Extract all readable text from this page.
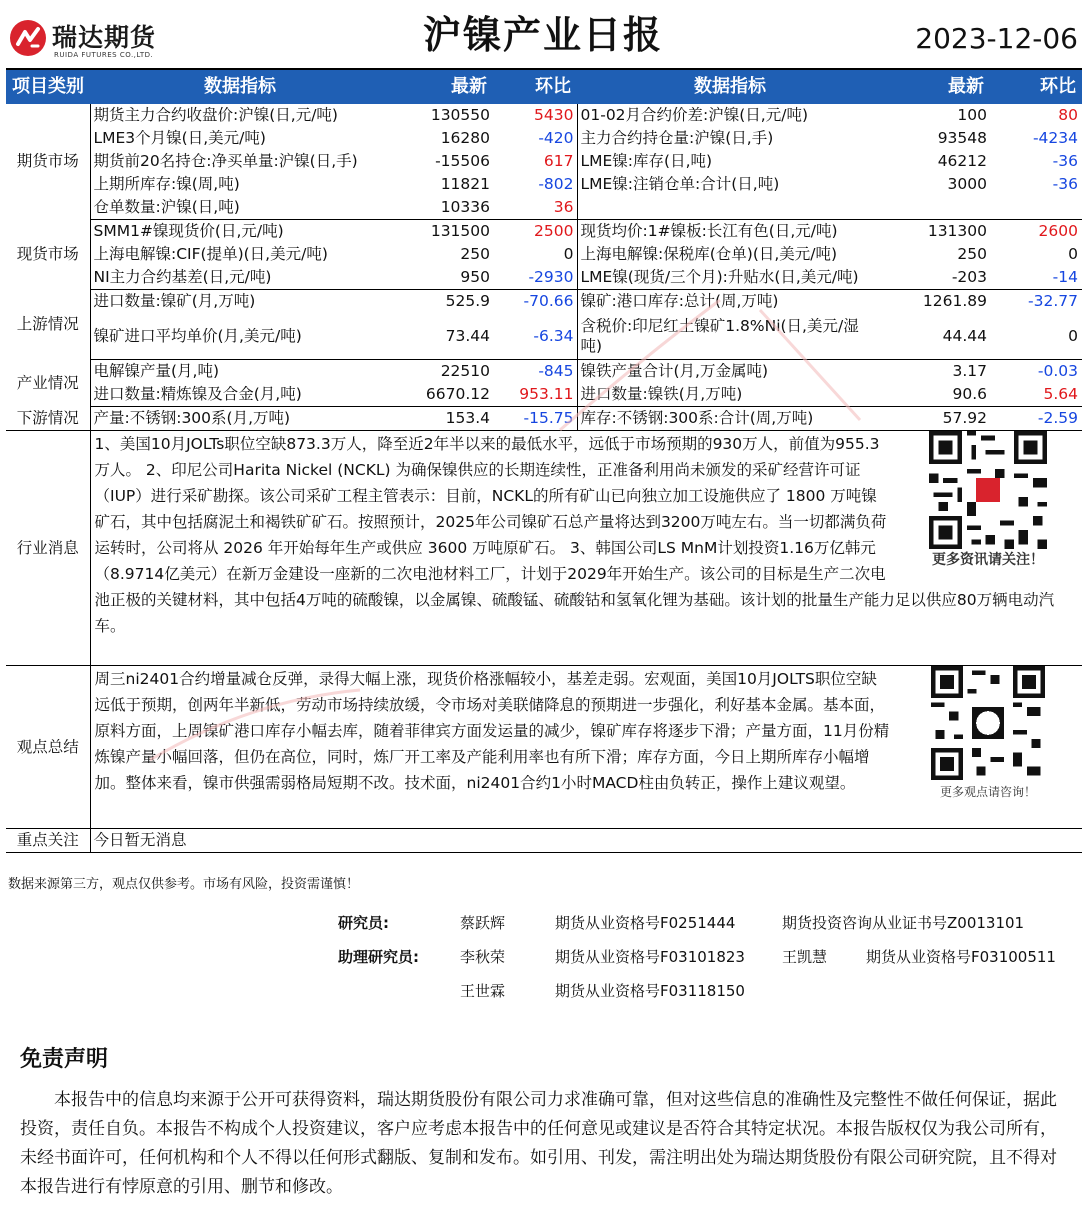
瑞达期货
RUIDA FUTURES CO.,LTD.	沪镍产业日报	2023-12-06
项目类别	数据指标	最新	环比	数据指标	最新	环比
期货市场	期货主力合约收盘价:沪镍(日,元/吨)	130550	5430	01-02月合约价差:沪镍(日,元/吨)	100	80
	LME3个月镍(日,美元/吨)	16280	-420	主力合约持仓量:沪镍(日,手)	93548	-4234
	期货前20名持仓:净买单量:沪镍(日,手)	-15506	617	LME镍:库存(日,吨)	46212	-36
	上期所库存:镍(周,吨)	11821	-802	LME镍:注销仓单:合计(日,吨)	3000	-36
	仓单数量:沪镍(日,吨)	10336	36			
现货市场	SMM1#镍现货价(日,元/吨)	131500	2500	现货均价:1#镍板:长江有色(日,元/吨)	131300	2600
	上海电解镍:CIF(提单)(日,美元/吨)	250	0	上海电解镍:保税库(仓单)(日,美元/吨)	250	0
	NI主力合约基差(日,元/吨)	950	-2930	LME镍(现货/三个月):升贴水(日,美元/吨)	-203	-14
上游情况	进口数量:镍矿(月,万吨)	525.9	-70.66	镍矿:港口库存:总计(周,万吨)	1261.89	-32.77
	镍矿进口平均单价(月,美元/吨)	73.44	-6.34	含税价:印尼红土镍矿1.8%Ni(日,美元/湿吨)	44.44	0
产业情况	电解镍产量(月,吨)	22510	-845	镍铁产量合计(月,万金属吨)	3.17	-0.03
	进口数量:精炼镍及合金(月,吨)	6670.12	953.11	进口数量:镍铁(月,万吨)	90.6	5.64
下游情况	产量:不锈钢:300系(月,万吨)	153.4	-15.75	库存:不锈钢:300系:合计(周,万吨)	57.92	-2.59
行业消息	更多资讯请关注！
1、美国10月JOLTs职位空缺873.3万人，降至近2年半以来的最低水平，远低于市场预期的930万人，前值为955.3万人。 2、印尼公司Harita Nickel (NCKL) 为确保镍供应的长期连续性，正准备利用尚未颁发的采矿经营许可证（IUP）进行采矿勘探。该公司采矿工程主管表示：目前，NCKL的所有矿山已向独立加工设施供应了 1800 万吨镍矿石，其中包括腐泥土和褐铁矿矿石。按照预计，2025年公司镍矿石总产量将达到3200万吨左右。当一切都满负荷运转时，公司将从 2026 年开始每年生产或供应 3600 万吨原矿石。 3、韩国公司LS MnM计划投资1.16万亿韩元（8.9714亿美元）在新万金建设一座新的二次电池材料工厂，计划于2029年开始生产。该公司的目标是生产二次电池正极的关键材料，其中包括4万吨的硫酸镍，以金属镍、硫酸锰、硫酸钴和氢氧化锂为基础。该计划的批量生产能力足以供应80万辆电动汽车。					
观点总结	更多观点请咨询！
周三ni2401合约增量减仓反弹，录得大幅上涨，现货价格涨幅较小，基差走弱。宏观面，美国10月JOLTS职位空缺远低于预期，创两年半新低，劳动市场持续放缓，令市场对美联储降息的预期进一步强化，利好基本金属。基本面，原料方面，上周镍矿港口库存小幅去库，随着菲律宾方面发运量的减少，镍矿库存将逐步下滑；产量方面，11月份精炼镍产量小幅回落，但仍在高位，同时，炼厂开工率及产能利用率也有所下滑；库存方面，今日上期所库存小幅增加。整体来看，镍市供强需弱格局短期不改。技术面，ni2401合约1小时MACD柱由负转正，操作上建议观望。					
重点关注	今日暂无消息					
数据来源第三方，观点仅供参考。市场有风险，投资需谨慎！
研究员:	蔡跃辉	期货从业资格号F0251444	期货投资咨询从业证书号Z0013101
助理研究员:	李秋荣	期货从业资格号F03101823 王凯慧	期货从业资格号F03100511
王世霖	期货从业资格号F03118150
免责声明
本报告中的信息均来源于公开可获得资料，瑞达期货股份有限公司力求准确可靠，但对这些信息的准确性及完整性不做任何保证，据此投资，责任自负。本报告不构成个人投资建议，客户应考虑本报告中的任何意见或建议是否符合其特定状况。本报告版权仅为我公司所有，未经书面许可，任何机构和个人不得以任何形式翻版、复制和发布。如引用、刊发，需注明出处为瑞达期货股份有限公司研究院，且不得对本报告进行有悖原意的引用、删节和修改。
